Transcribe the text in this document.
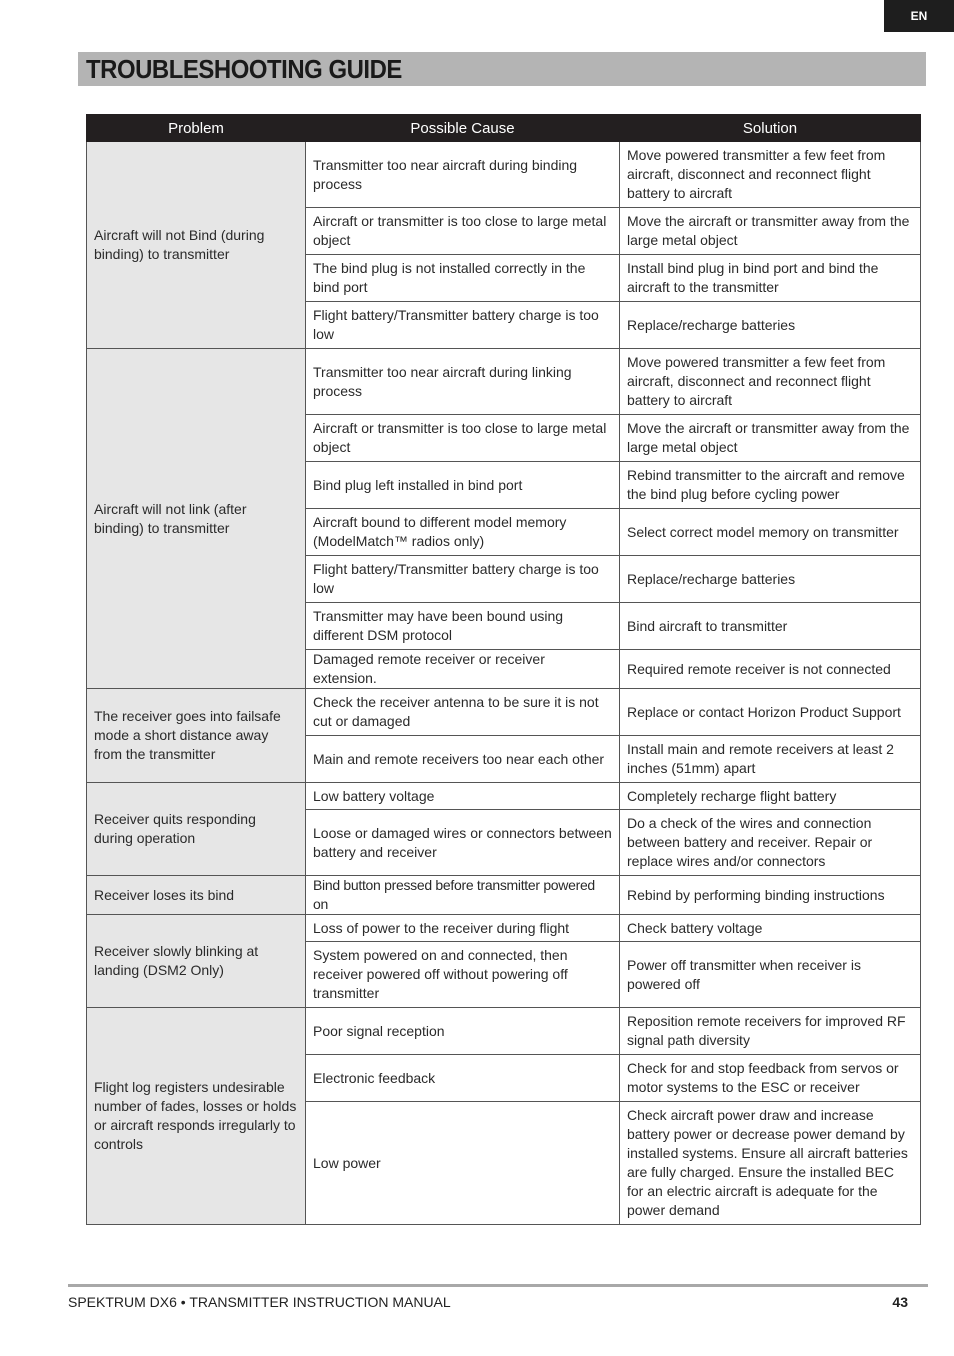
EN
TROUBLESHOOTING GUIDE
Problem	Possible Cause	Solution
Aircraft will not Bind (during binding) to transmitter	Transmitter too near aircraft during binding process	Move powered transmitter a few feet from aircraft, disconnect and reconnect flight battery to aircraft
	Aircraft or transmitter is too close to large metal object	Move the aircraft or transmitter away from the large metal object
	The bind plug is not installed correctly in the bind port	Install bind plug in bind port and bind the aircraft to the transmitter
	Flight battery/Transmitter battery charge is too low	Replace/recharge batteries
Aircraft will not link (after binding) to transmitter	Transmitter too near aircraft during linking process	Move powered transmitter a few feet from aircraft, disconnect and reconnect flight battery to aircraft
	Aircraft or transmitter is too close to large metal object	Move the aircraft or transmitter away from the large metal object
	Bind plug left installed in bind port	Rebind transmitter to the aircraft and remove the bind plug before cycling power
	Aircraft bound to different model memory (ModelMatch™ radios only)	Select correct model memory on transmitter
	Flight battery/Transmitter battery charge is too low	Replace/recharge batteries
	Transmitter may have been bound using different DSM protocol	Bind aircraft to transmitter
	Damaged remote receiver or receiver extension.	Required remote receiver is not connected
The receiver goes into failsafe mode a short distance away from the transmitter	Check the receiver antenna to be sure it is not cut or damaged	Replace or contact Horizon Product Support
	Main and remote receivers too near each other	Install main and remote receivers at least 2 inches (51mm) apart
Receiver quits responding during operation	Low battery voltage	Completely recharge flight battery
	Loose or damaged wires or connectors between battery and receiver	Do a check of the wires and connection between battery and receiver. Repair or replace wires and/or connectors
Receiver loses its bind	Bind button pressed before transmitter powered on	Rebind by performing binding instructions
Receiver slowly blinking at landing (DSM2 Only)	Loss of power to the receiver during flight	Check battery voltage
	System powered on and connected, then receiver powered off without powering off transmitter	Power off transmitter when receiver is powered off
Flight log registers undesirable number of fades, losses or holds or aircraft responds irregularly to controls	Poor signal reception	Reposition remote receivers for improved RF signal path diversity
	Electronic feedback	Check for and stop feedback from servos or motor systems to the ESC or receiver
	Low power	Check aircraft power draw and increase battery power or decrease power demand by installed systems. Ensure all aircraft batteries are fully charged. Ensure the installed BEC for an electric aircraft is adequate for the power demand
SPEKTRUM DX6 • TRANSMITTER INSTRUCTION MANUAL	43
